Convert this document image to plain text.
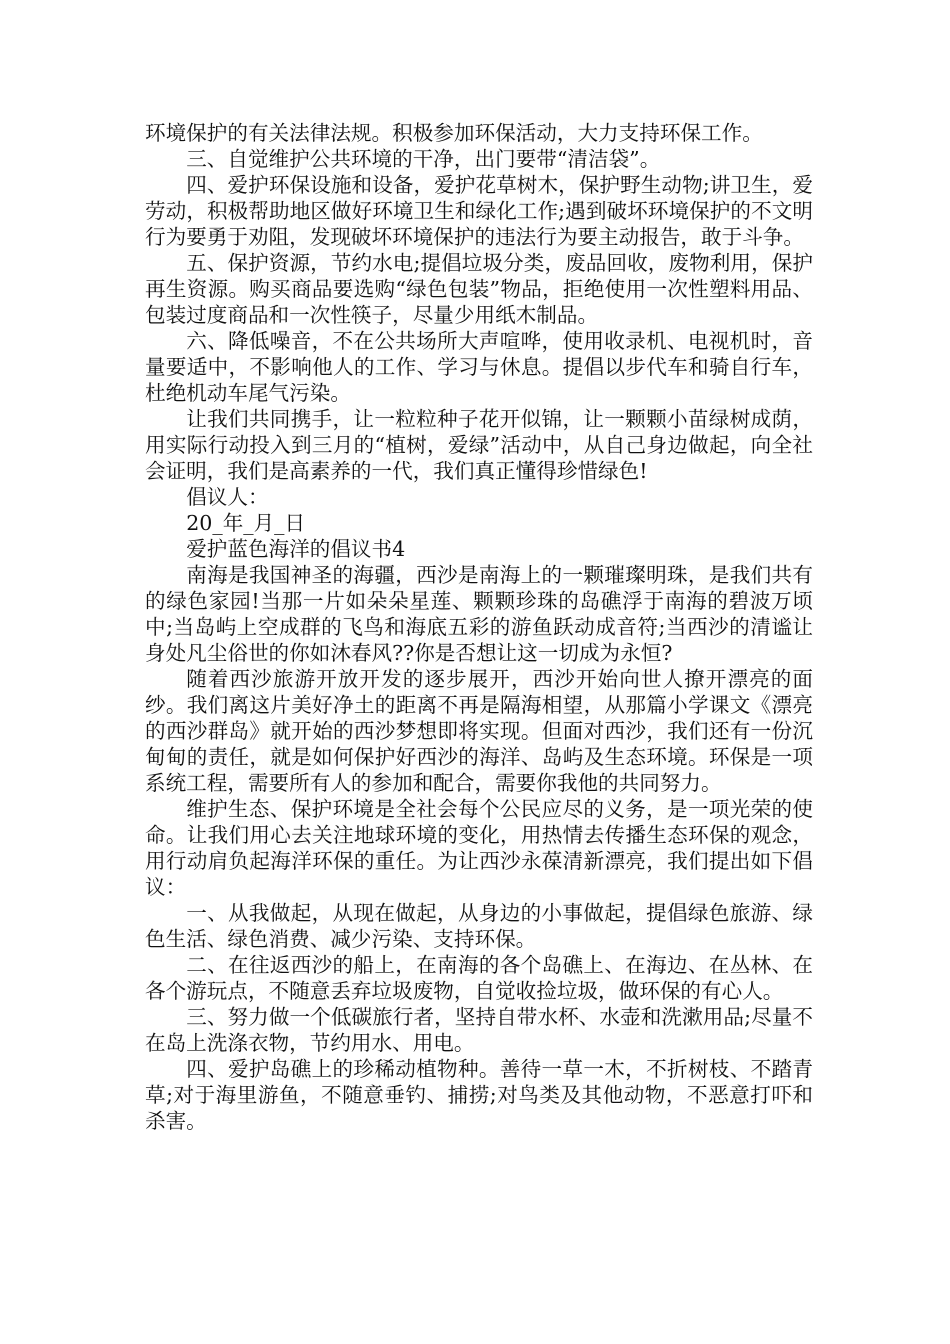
环境保护的有关法律法规。积极参加环保活动，大力支持环保工作。

三、自觉维护公共环境的干净，出门要带“清洁袋”。

四、爱护环保设施和设备，爱护花草树木，保护野生动物;讲卫生，爱劳动，积极帮助地区做好环境卫生和绿化工作;遇到破坏环境保护的不文明行为要勇于劝阻，发现破坏环境保护的违法行为要主动报告，敢于斗争。

五、保护资源，节约水电;提倡垃圾分类，废品回收，废物利用，保护再生资源。购买商品要选购“绿色包装”物品，拒绝使用一次性塑料用品、包装过度商品和一次性筷子，尽量少用纸木制品。

六、降低噪音，不在公共场所大声喧哗，使用收录机、电视机时，音量要适中，不影响他人的工作、学习与休息。提倡以步代车和骑自行车，杜绝机动车尾气污染。

让我们共同携手，让一粒粒种子花开似锦，让一颗颗小苗绿树成荫，用实际行动投入到三月的“植树，爱绿”活动中，从自己身边做起，向全社会证明，我们是高素养的一代，我们真正懂得珍惜绿色!

倡议人：

20_年_月_日

爱护蓝色海洋的倡议书4

南海是我国神圣的海疆，西沙是南海上的一颗璀璨明珠，是我们共有的绿色家园!当那一片如朵朵星莲、颗颗珍珠的岛礁浮于南海的碧波万顷中;当岛屿上空成群的飞鸟和海底五彩的游鱼跃动成音符;当西沙的清谧让身处凡尘俗世的你如沐春风??你是否想让这一切成为永恒?

随着西沙旅游开放开发的逐步展开，西沙开始向世人撩开漂亮的面纱。我们离这片美好净土的距离不再是隔海相望，从那篇小学课文《漂亮的西沙群岛》就开始的西沙梦想即将实现。但面对西沙，我们还有一份沉甸甸的责任，就是如何保护好西沙的海洋、岛屿及生态环境。环保是一项系统工程，需要所有人的参加和配合，需要你我他的共同努力。

维护生态、保护环境是全社会每个公民应尽的义务，是一项光荣的使命。让我们用心去关注地球环境的变化，用热情去传播生态环保的观念，用行动肩负起海洋环保的重任。为让西沙永葆清新漂亮，我们提出如下倡议：

一、从我做起，从现在做起，从身边的小事做起，提倡绿色旅游、绿色生活、绿色消费、减少污染、支持环保。

二、在往返西沙的船上，在南海的各个岛礁上、在海边、在丛林、在各个游玩点，不随意丢弃垃圾废物，自觉收捡垃圾，做环保的有心人。

三、努力做一个低碳旅行者，坚持自带水杯、水壶和洗漱用品;尽量不在岛上洗涤衣物，节约用水、用电。

四、爱护岛礁上的珍稀动植物种。善待一草一木，不折树枝、不踏青草;对于海里游鱼，不随意垂钓、捕捞;对鸟类及其他动物，不恶意打吓和杀害。
